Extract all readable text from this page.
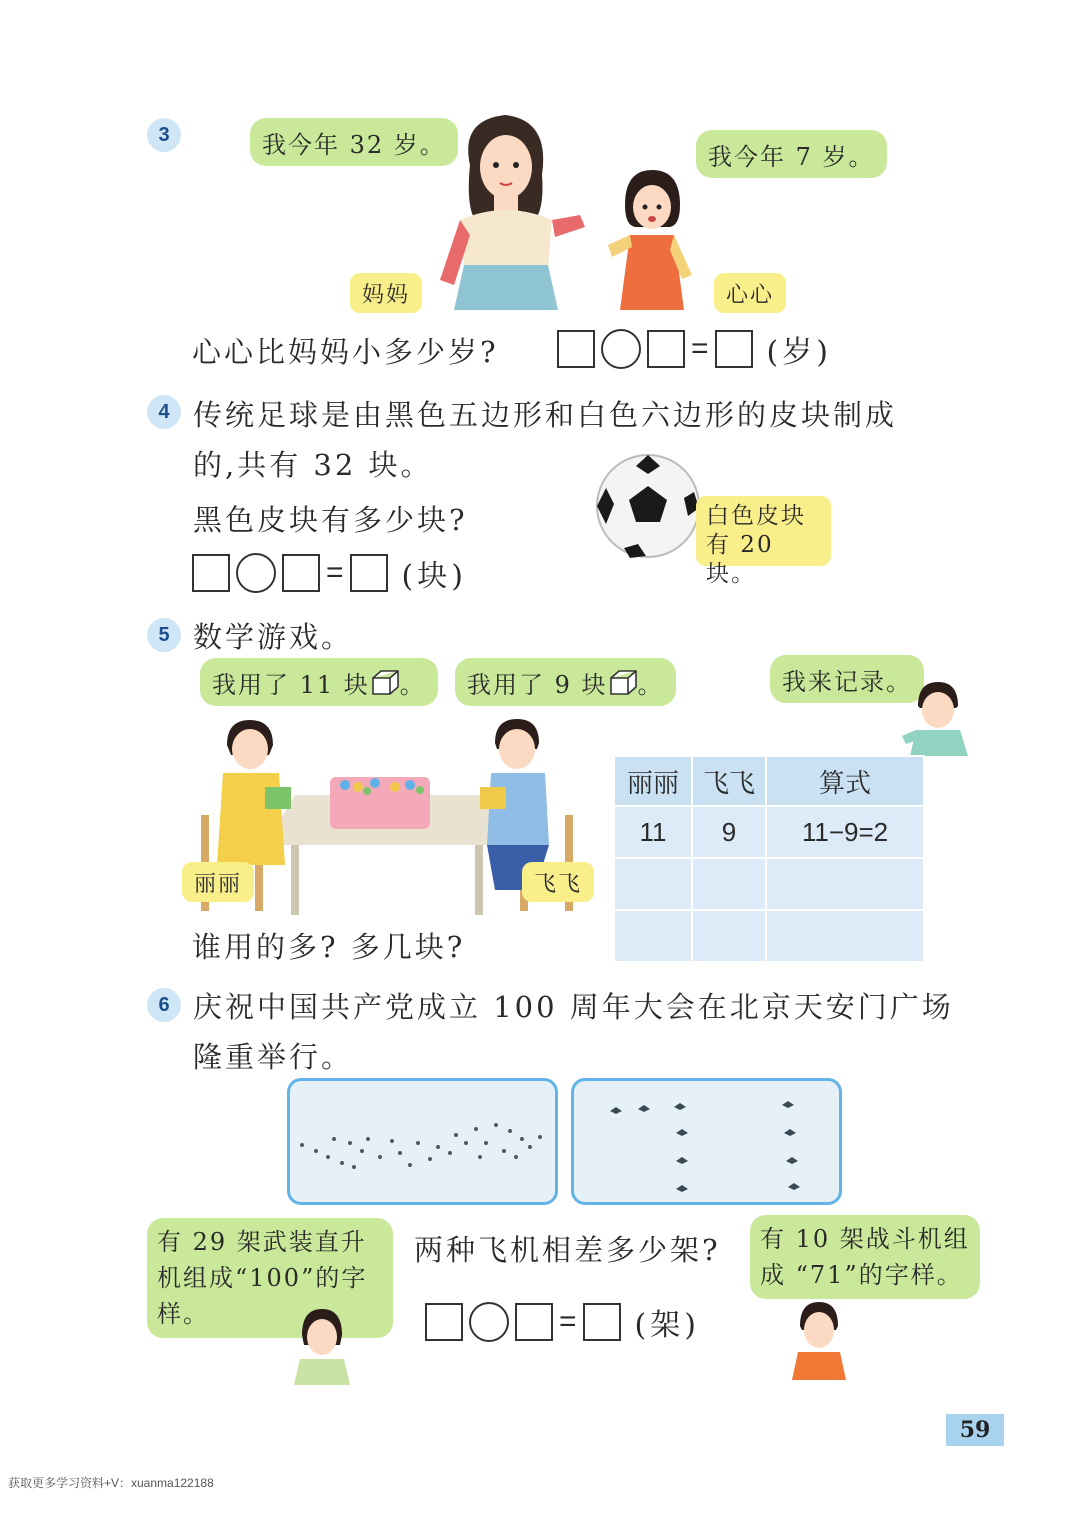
3	我今年 32 岁。	我今年 7 岁。
妈妈	心心
心心比妈妈小多少岁?	= (岁)
4 传统足球是由黑色五边形和白色六边形的皮块制成
的,共有 32 块。
黑色皮块有多少块?	白色皮块
有 20 块。
= (块)
5 数学游戏。
我用了 11 块 。 我用了 9 块 。	我来记录。
丽丽	飞飞
丽丽	飞飞	算式
11	9	11−9=2

谁用的多? 多几块?
6 庆祝中国共产党成立 100 周年大会在北京天安门广场
隆重举行。
有 29 架武装直升机组成“100”的字样。
两种飞机相差多少架?	有 10 架战斗机组成 “71”的字样。
= (架)
59
获取更多学习资料+V：xuanma122188
